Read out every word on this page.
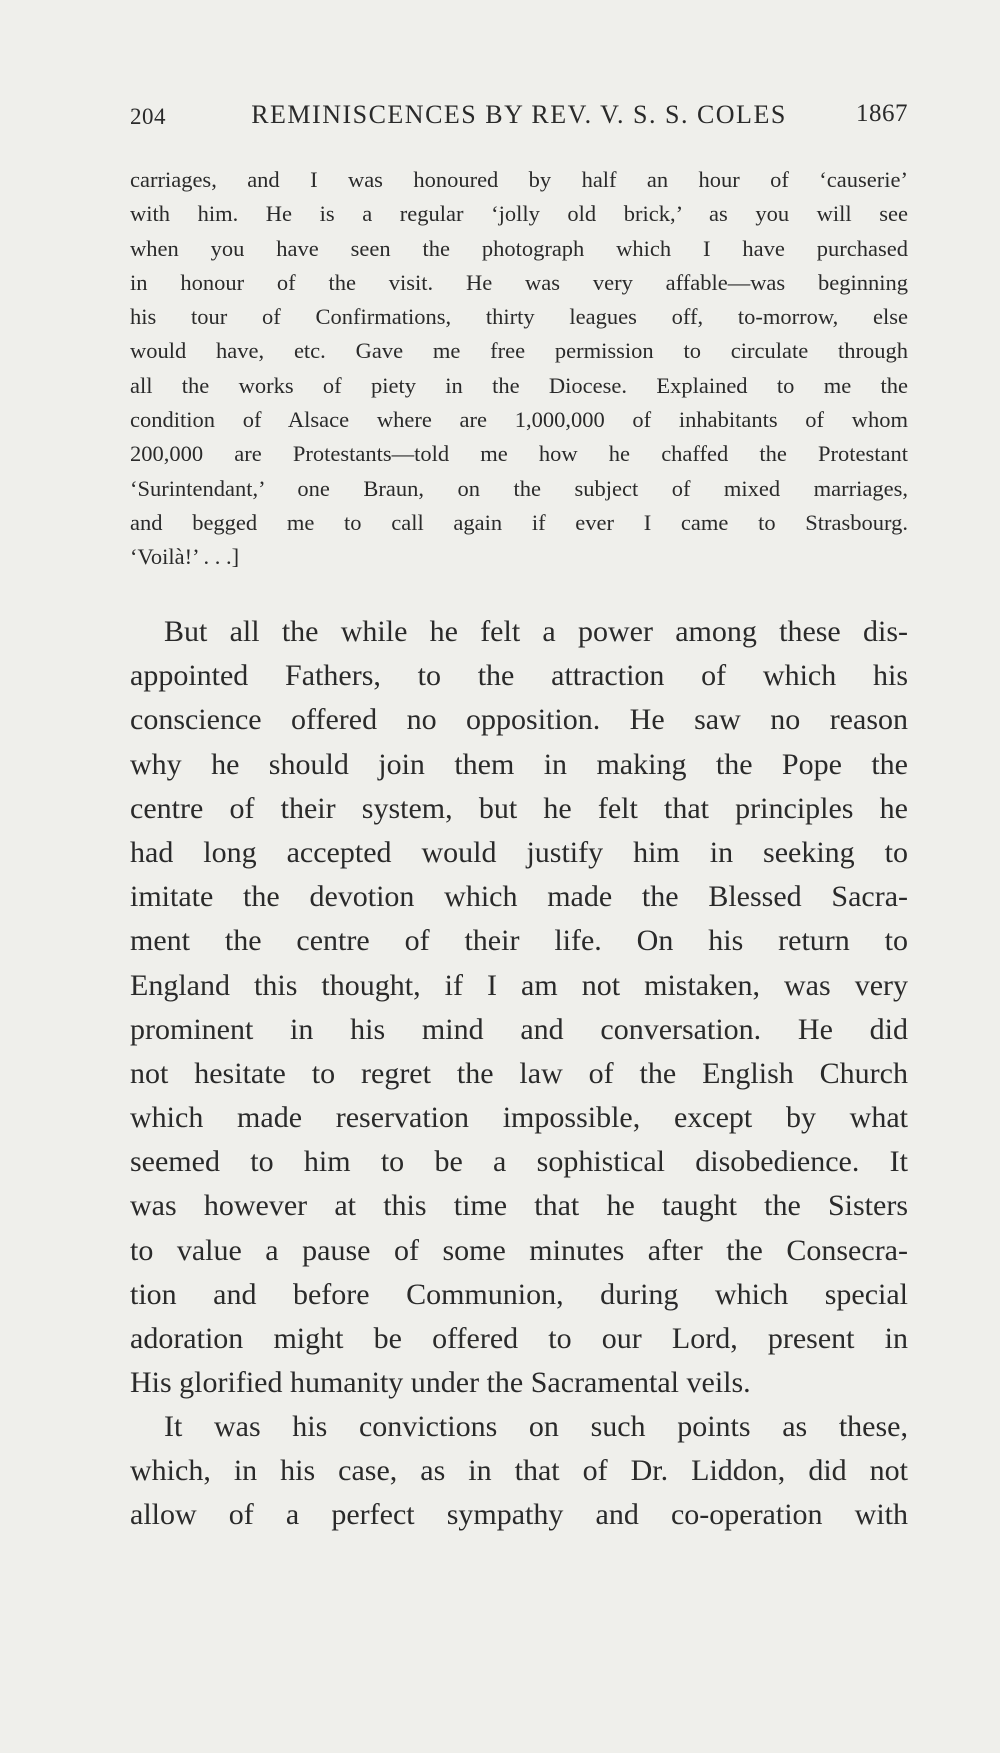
204	REMINISCENCES BY REV. V. S. S. COLES	1867
carriages, and I was honoured by half an hour of ‘causerie’
with him. He is a regular ‘jolly old brick,’ as you will see
when you have seen the photograph which I have purchased
in honour of the visit. He was very affable—was beginning
his tour of Confirmations, thirty leagues off, to-morrow, else
would have, etc. Gave me free permission to circulate through
all the works of piety in the Diocese. Explained to me the
condition of Alsace where are 1,000,000 of inhabitants of whom
200,000 are Protestants—told me how he chaffed the Protestant
‘Surintendant,’ one Braun, on the subject of mixed marriages,
and begged me to call again if ever I came to Strasbourg.
‘Voilà!’ . . .]
But all the while he felt a power among these dis-
appointed Fathers, to the attraction of which his
conscience offered no opposition. He saw no reason
why he should join them in making the Pope the
centre of their system, but he felt that principles he
had long accepted would justify him in seeking to
imitate the devotion which made the Blessed Sacra-
ment the centre of their life. On his return to
England this thought, if I am not mistaken, was very
prominent in his mind and conversation. He did
not hesitate to regret the law of the English Church
which made reservation impossible, except by what
seemed to him to be a sophistical disobedience. It
was however at this time that he taught the Sisters
to value a pause of some minutes after the Consecra-
tion and before Communion, during which special
adoration might be offered to our Lord, present in
His glorified humanity under the Sacramental veils.
It was his convictions on such points as these,
which, in his case, as in that of Dr. Liddon, did not
allow of a perfect sympathy and co-operation with
